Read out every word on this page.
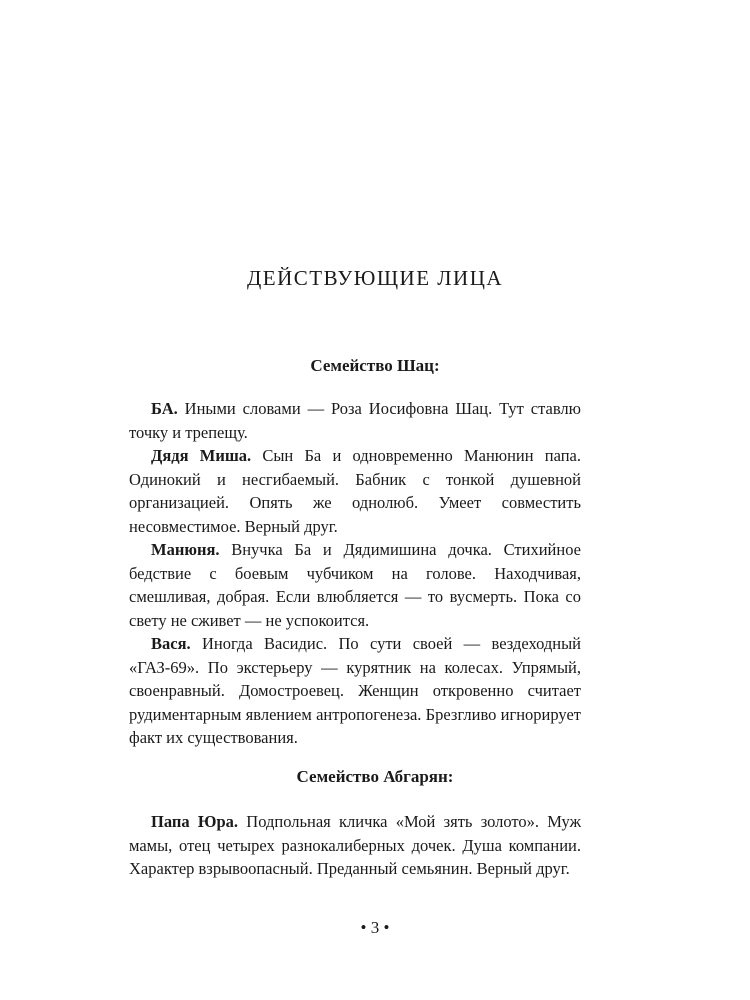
ДЕЙСТВУЮЩИЕ ЛИЦА
Семейство Шац:

БА. Иными словами — Роза Иосифовна Шац. Тут ставлю точку и трепещу.

Дядя Миша. Сын Ба и одновременно Манюнин папа. Одинокий и несгибаемый. Бабник с тонкой душевной организацией. Опять же однолюб. Умеет совместить несовместимое. Верный друг.

Манюня. Внучка Ба и Дядимишина дочка. Стихийное бедствие с боевым чубчиком на голове. Находчивая, смешливая, добрая. Если влюбляется — то вусмерть. Пока со свету не сживет — не успокоится.

Вася. Иногда Васидис. По сути своей — вездеходный «ГАЗ-69». По экстерьеру — курятник на колесах. Упрямый, своенравный. Домостроевец. Женщин откровенно считает рудиментарным явлением антропогенеза. Брезгливо игнорирует факт их существования.

Семейство Абгарян:

Папа Юра. Подпольная кличка «Мой зять золото». Муж мамы, отец четырех разнокалиберных дочек. Душа компании. Характер взрывоопасный. Преданный семьянин. Верный друг.

• 3 •
